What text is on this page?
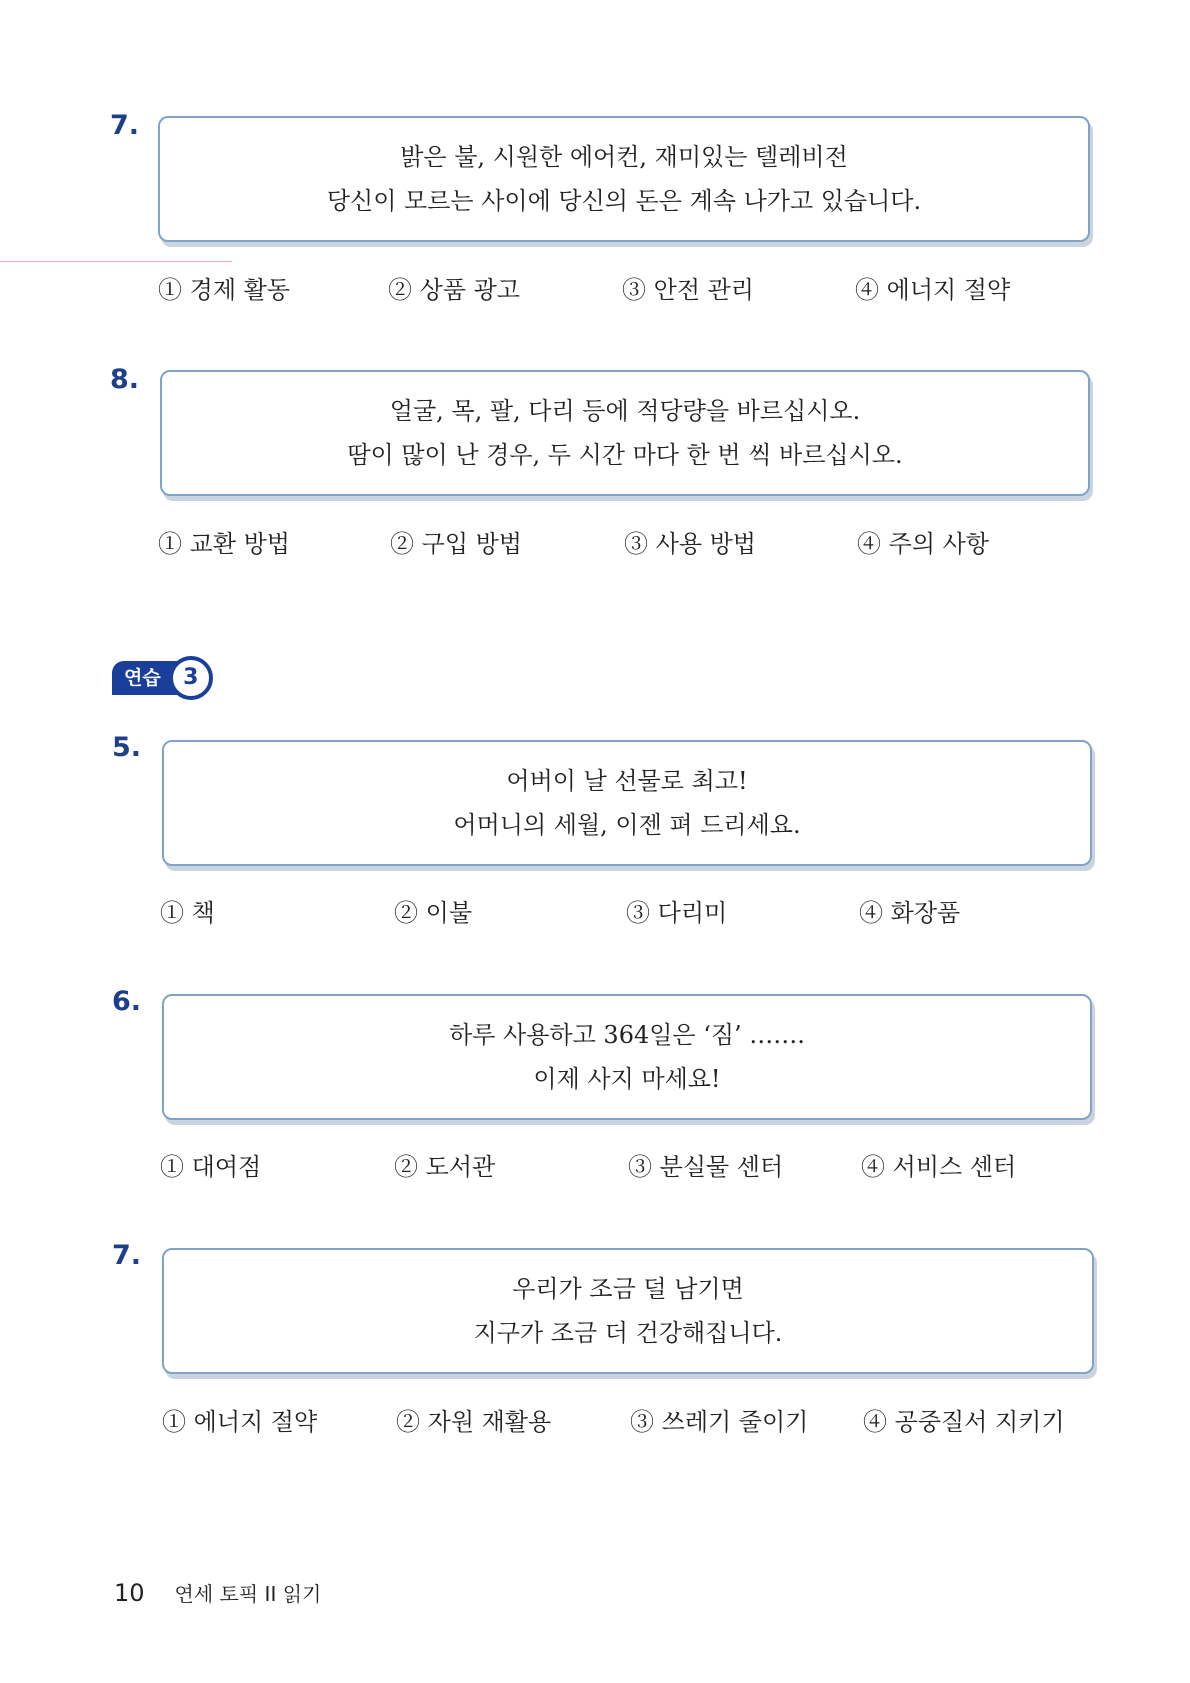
7.
밝은 불, 시원한 에어컨, 재미있는 텔레비전
당신이 모르는 사이에 당신의 돈은 계속 나가고 있습니다.
① 경제 활동	② 상품 광고	③ 안전 관리	④ 에너지 절약
8.
얼굴, 목, 팔, 다리 등에 적당량을 바르십시오.
땀이 많이 난 경우, 두 시간 마다 한 번 씩 바르십시오.
① 교환 방법	② 구입 방법	③ 사용 방법	④ 주의 사항
연습	3
5.
어버이 날 선물로 최고!
어머니의 세월, 이젠 펴 드리세요.
① 책	② 이불	③ 다리미	④ 화장품
6.
하루 사용하고 364일은 ‘짐’ …….
이제 사지 마세요!
① 대여점	② 도서관	③ 분실물 센터	④ 서비스 센터
7.
우리가 조금 덜 남기면
지구가 조금 더 건강해집니다.
① 에너지 절약	② 자원 재활용	③ 쓰레기 줄이기 ④ 공중질서 지키기
10 연세 토픽 II 읽기
